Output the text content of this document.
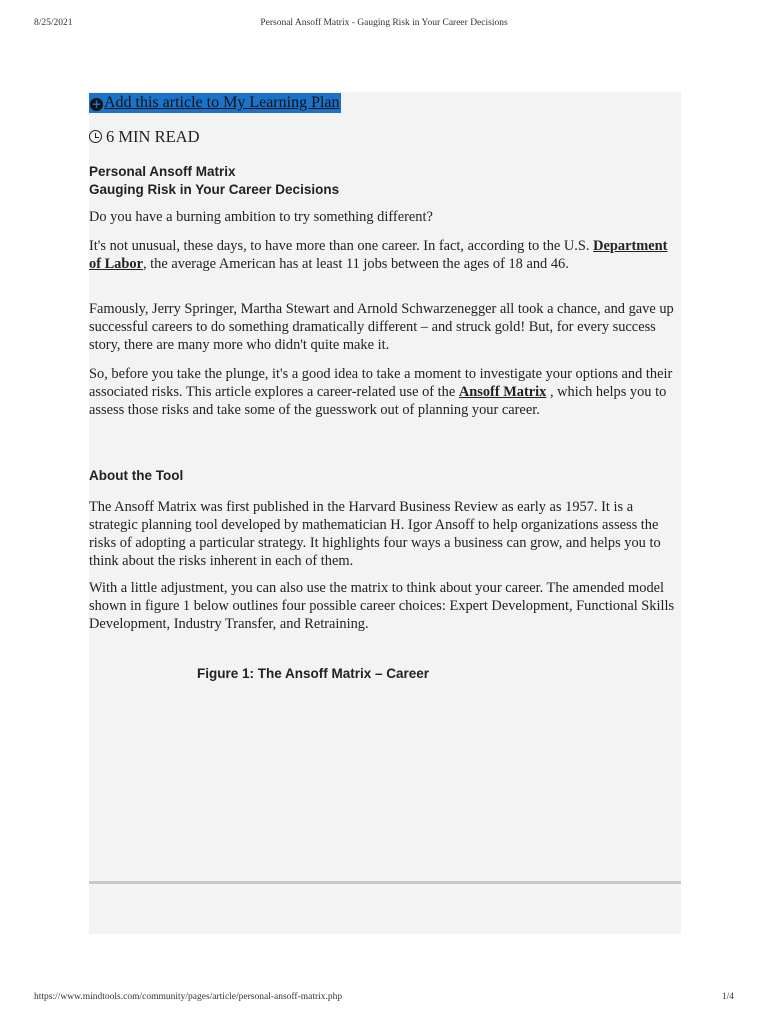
8/25/2021	Personal Ansoff Matrix - Gauging Risk in Your Career Decisions
+ Add this article to My Learning Plan
6 MIN READ
Personal Ansoff Matrix
Gauging Risk in Your Career Decisions

Do you have a burning ambition to try something different?

It's not unusual, these days, to have more than one career. In fact, according to the U.S. Department of Labor, the average American has at least 11 jobs between the ages of 18 and 46.

Famously, Jerry Springer, Martha Stewart and Arnold Schwarzenegger all took a chance, and gave up successful careers to do something dramatically different – and struck gold! But, for every success story, there are many more who didn't quite make it.

So, before you take the plunge, it's a good idea to take a moment to investigate your options and their associated risks. This article explores a career-related use of the Ansoff Matrix , which helps you to assess those risks and take some of the guesswork out of planning your career.

About the Tool

The Ansoff Matrix was first published in the Harvard Business Review as early as 1957. It is a strategic planning tool developed by mathematician H. Igor Ansoff to help organizations assess the risks of adopting a particular strategy. It highlights four ways a business can grow, and helps you to think about the risks inherent in each of them.

With a little adjustment, you can also use the matrix to think about your career. The amended model shown in figure 1 below outlines four possible career choices: Expert Development, Functional Skills Development, Industry Transfer, and Retraining.

Figure 1: The Ansoff Matrix – Career
https://www.mindtools.com/community/pages/article/personal-ansoff-matrix.php	1/4
